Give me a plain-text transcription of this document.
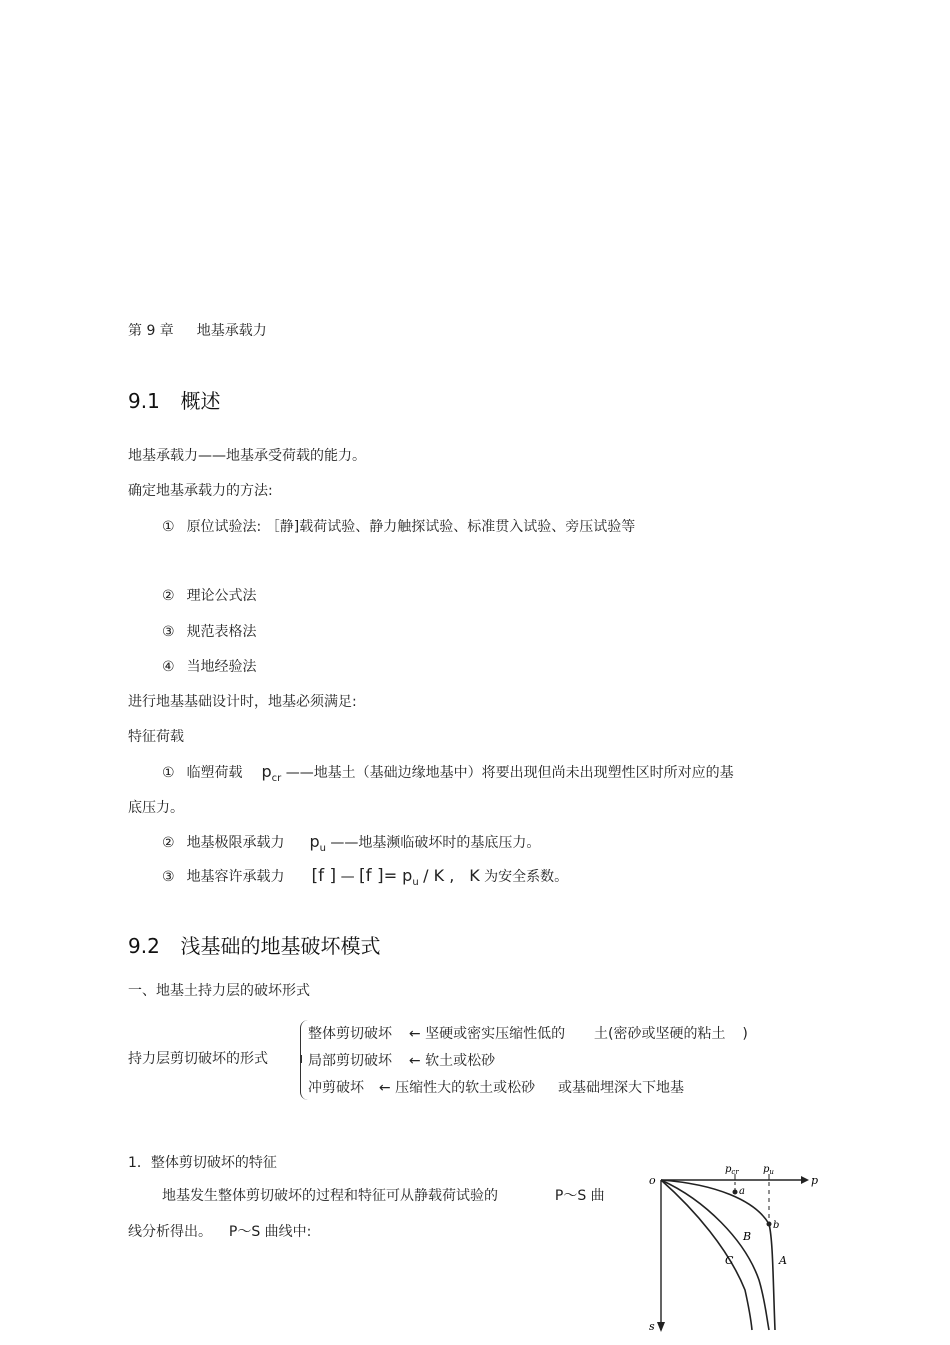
第 9 章 地基承载力
9.1 概述
地基承载力——地基承受荷载的能力。
确定地基承载力的方法:
① 原位试验法: ［静]载荷试验、静力触探试验、标准贯入试验、旁压试验等
② 理论公式法
③ 规范表格法
④ 当地经验法
进行地基基础设计时，地基必须满足:
特征荷载
① 临塑荷载 $p_{cr}$ ——地基土（基础边缘地基中）将要出现但尚未出现塑性区时所对应的基
底压力。
② 地基极限承载力 $p_u$ ——地基濒临破坏时的基底压力。
③ 地基容许承载力 [f ] — [f ]= $p_u$ / K , K 为安全系数。
9.2 浅基础的地基破坏模式
一、地基土持力层的破坏形式
持力层剪切破坏的形式
整体剪切破坏 ← 坚硬或密实压缩性低的 土(密砂或坚硬的粘土 )
局部剪切破坏 ← 软土或松砂
冲剪破坏 ← 压缩性大的软土或松砂 或基础埋深大下地基
1．整体剪切破坏的特征
地基发生整体剪切破坏的过程和特征可从静载荷试验的	P～S 曲
线分析得出。 P～S 曲线中:
o	p
$p_{cr}$ $p_u$
a
b
A
B
C
s
